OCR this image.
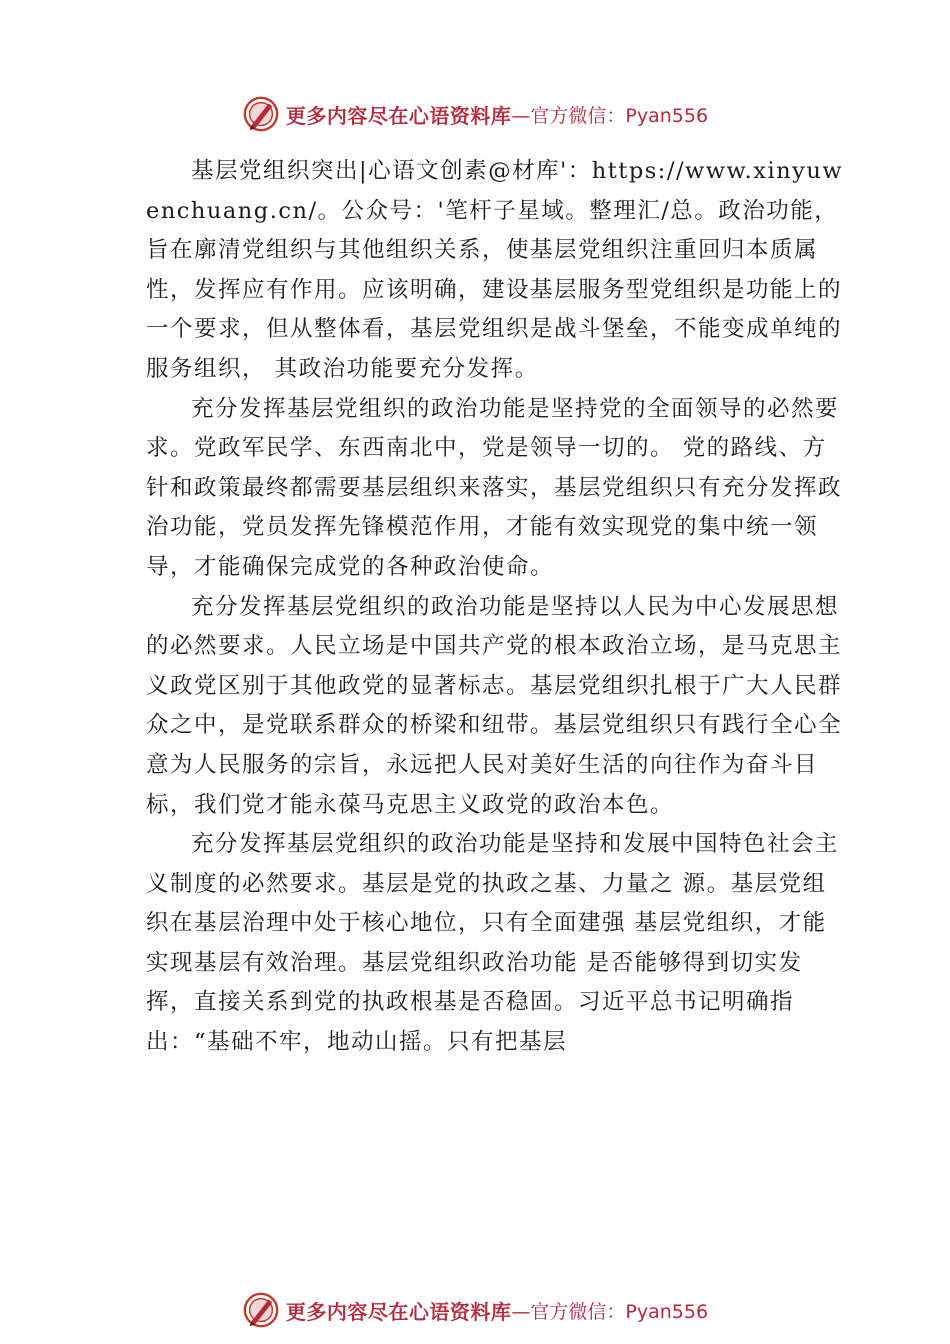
更多内容尽在心语资料库 —官方微信：Pyan556

基层党组织突出|心语文创素@材库'：https://www.xinyuwenchuang.cn/。公众号：'笔杆子星域。整理汇/总。政治功能，旨在廓清党组织与其他组织关系，使基层党组织注重回归本质属性，发挥应有作用。应该明确，建设基层服务型党组织是功能上的一个要求，但从整体看，基层党组织是战斗堡垒，不能变成单纯的服务组织， 其政治功能要充分发挥。

充分发挥基层党组织的政治功能是坚持党的全面领导的必然要求。党政军民学、东西南北中，党是领导一切的。 党的路线、方针和政策最终都需要基层组织来落实，基层党组织只有充分发挥政治功能，党员发挥先锋模范作用，才能有效实现党的集中统一领导，才能确保完成党的各种政治使命。

充分发挥基层党组织的政治功能是坚持以人民为中心发展思想的必然要求。人民立场是中国共产党的根本政治立场，是马克思主义政党区别于其他政党的显著标志。基层党组织扎根于广大人民群众之中，是党联系群众的桥梁和纽带。基层党组织只有践行全心全意为人民服务的宗旨，永远把人民对美好生活的向往作为奋斗目标，我们党才能永葆马克思主义政党的政治本色。

充分发挥基层党组织的政治功能是坚持和发展中国特色社会主义制度的必然要求。基层是党的执政之基、力量之 源。基层党组织在基层治理中处于核心地位，只有全面建强 基层党组织，才能实现基层有效治理。基层党组织政治功能 是否能够得到切实发挥，直接关系到党的执政根基是否稳固。习近平总书记明确指出：“基础不牢，地动山摇。只有把基层

更多内容尽在心语资料库 —官方微信：Pyan556
